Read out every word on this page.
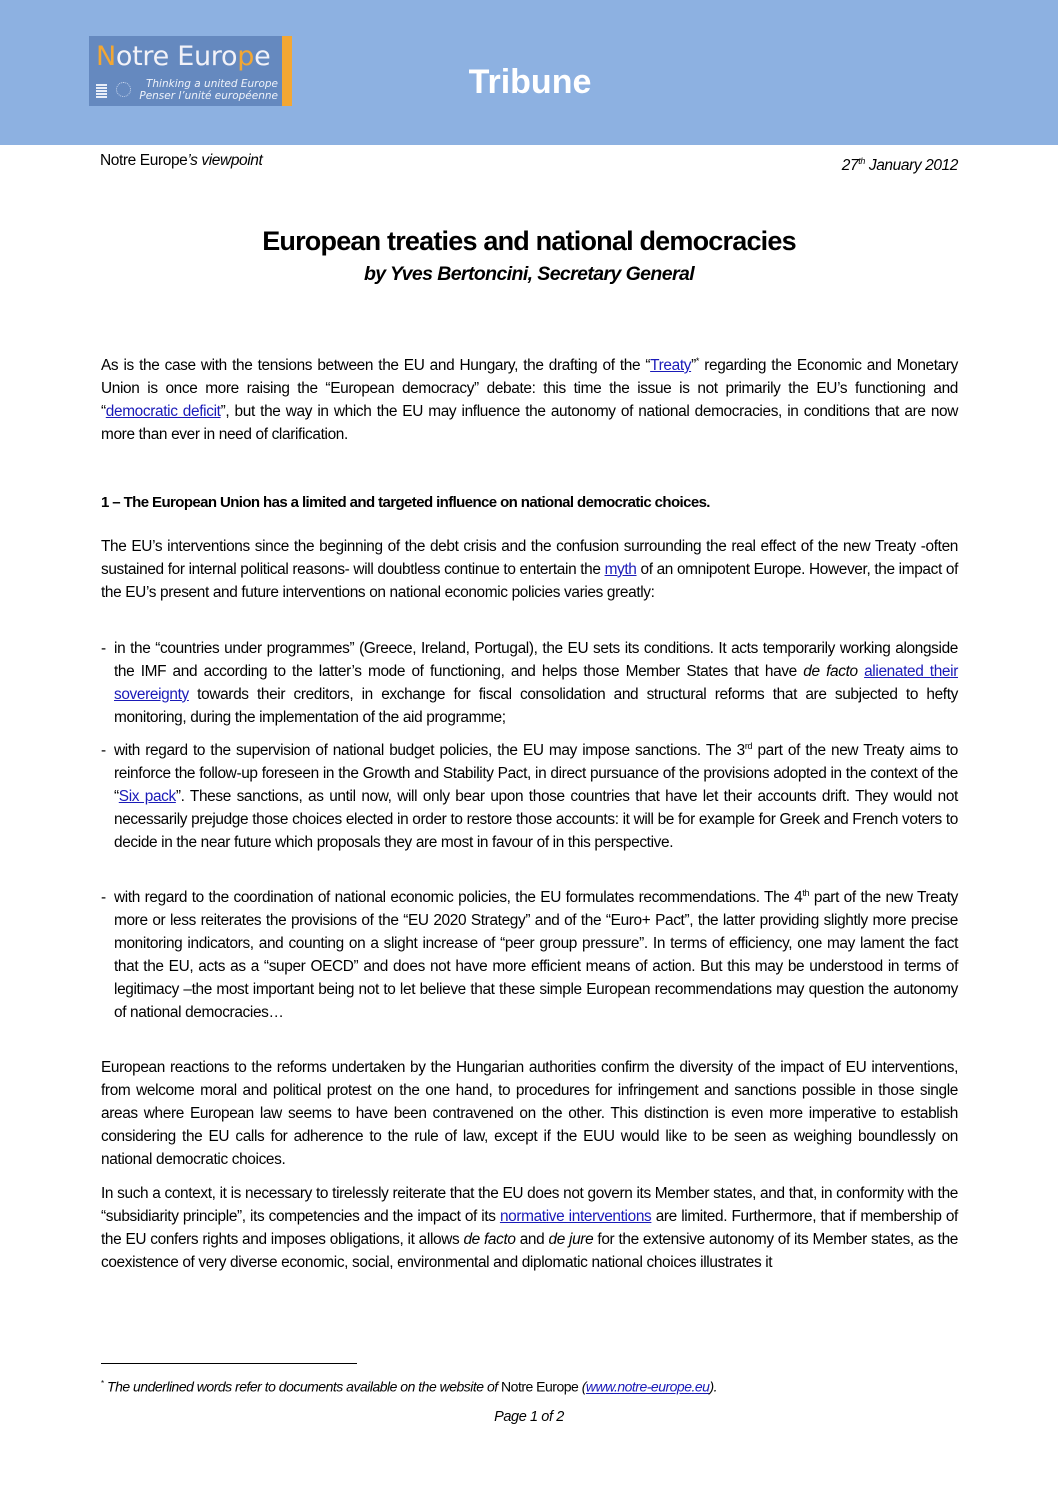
Notre Europe
Thinking a united Europe
Penser l’unité européenne	Tribune
Notre Europe’s viewpoint	27th January 2012
European treaties and national democracies
by Yves Bertoncini, Secretary General
As is the case with the tensions between the EU and Hungary, the drafting of the “Treaty”* regarding the Economic and Monetary Union is once more raising the “European democracy” debate: this time the issue is not primarily the EU’s functioning and “democratic deficit”, but the way in which the EU may influence the autonomy of national democracies, in conditions that are now more than ever in need of clarification.
1 – The European Union has a limited and targeted influence on national democratic choices.
The EU’s interventions since the beginning of the debt crisis and the confusion surrounding the real effect of the new Treaty -often sustained for internal political reasons- will doubtless continue to entertain the myth of an omnipotent Europe. However, the impact of the EU’s present and future interventions on national economic policies varies greatly:
- in the “countries under programmes” (Greece, Ireland, Portugal), the EU sets its conditions. It acts temporarily working alongside the IMF and according to the latter’s mode of functioning, and helps those Member States that have de facto alienated their sovereignty towards their creditors, in exchange for fiscal consolidation and structural reforms that are subjected to hefty monitoring, during the implementation of the aid programme;
- with regard to the supervision of national budget policies, the EU may impose sanctions. The 3rd part of the new Treaty aims to reinforce the follow-up foreseen in the Growth and Stability Pact, in direct pursuance of the provisions adopted in the context of the “Six pack”. These sanctions, as until now, will only bear upon those countries that have let their accounts drift. They would not necessarily prejudge those choices elected in order to restore those accounts: it will be for example for Greek and French voters to decide in the near future which proposals they are most in favour of in this perspective.
- with regard to the coordination of national economic policies, the EU formulates recommendations. The 4th part of the new Treaty more or less reiterates the provisions of the “EU 2020 Strategy” and of the “Euro+ Pact”, the latter providing slightly more precise monitoring indicators, and counting on a slight increase of “peer group pressure”. In terms of efficiency, one may lament the fact that the EU, acts as a “super OECD” and does not have more efficient means of action. But this may be understood in terms of legitimacy –the most important being not to let believe that these simple European recommendations may question the autonomy of national democracies…
European reactions to the reforms undertaken by the Hungarian authorities confirm the diversity of the impact of EU interventions, from welcome moral and political protest on the one hand, to procedures for infringement and sanctions possible in those single areas where European law seems to have been contravened on the other. This distinction is even more imperative to establish considering the EU calls for adherence to the rule of law, except if the EUU would like to be seen as weighing boundlessly on national democratic choices.
In such a context, it is necessary to tirelessly reiterate that the EU does not govern its Member states, and that, in conformity with the “subsidiarity principle”, its competencies and the impact of its normative interventions are limited. Furthermore, that if membership of the EU confers rights and imposes obligations, it allows de facto and de jure for the extensive autonomy of its Member states, as the coexistence of very diverse economic, social, environmental and diplomatic national choices illustrates it
* The underlined words refer to documents available on the website of Notre Europe (www.notre-europe.eu).
Page 1 of 2
